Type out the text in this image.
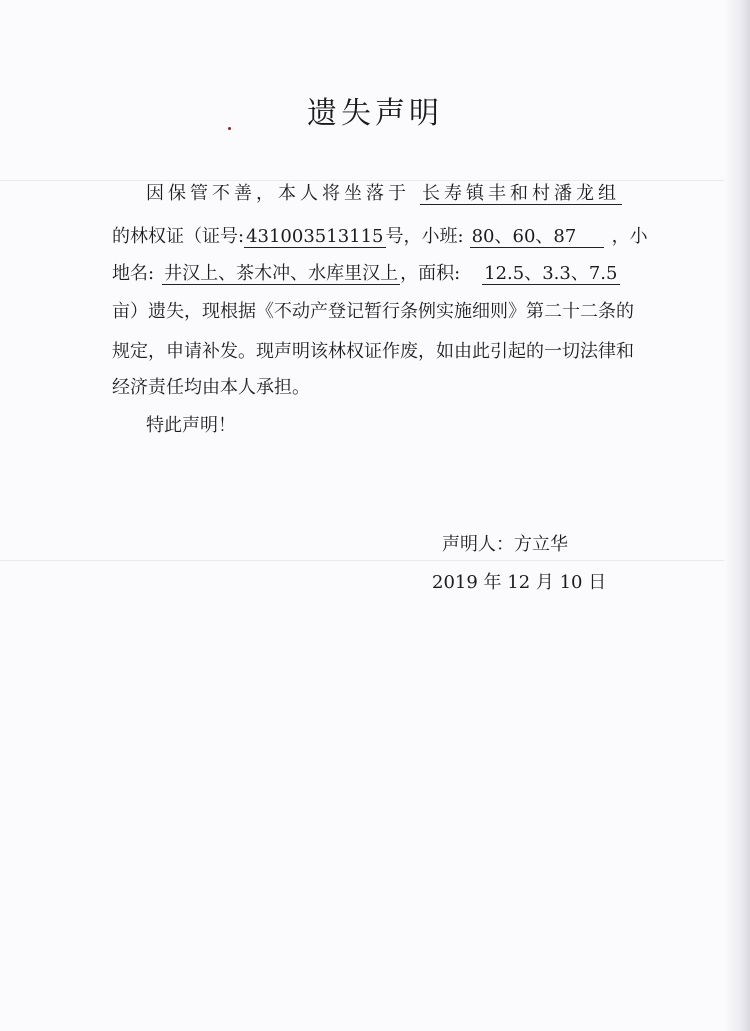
遗失声明
因保管不善，本人将坐落于 长寿镇丰和村潘龙组
的林权证（证号: 431003513115 号，小班: 80、60、87 ，小
地名: 井汉上、茶木冲、水库里汉上 ，面积: 12.5、3.3、7.5
亩）遗失，现根据《不动产登记暂行条例实施细则》第二十二条的
规定，申请补发。现声明该林权证作废，如由此引起的一切法律和
经济责任均由本人承担。
特此声明！
声明人：方立华
2019 年 12 月 10 日
